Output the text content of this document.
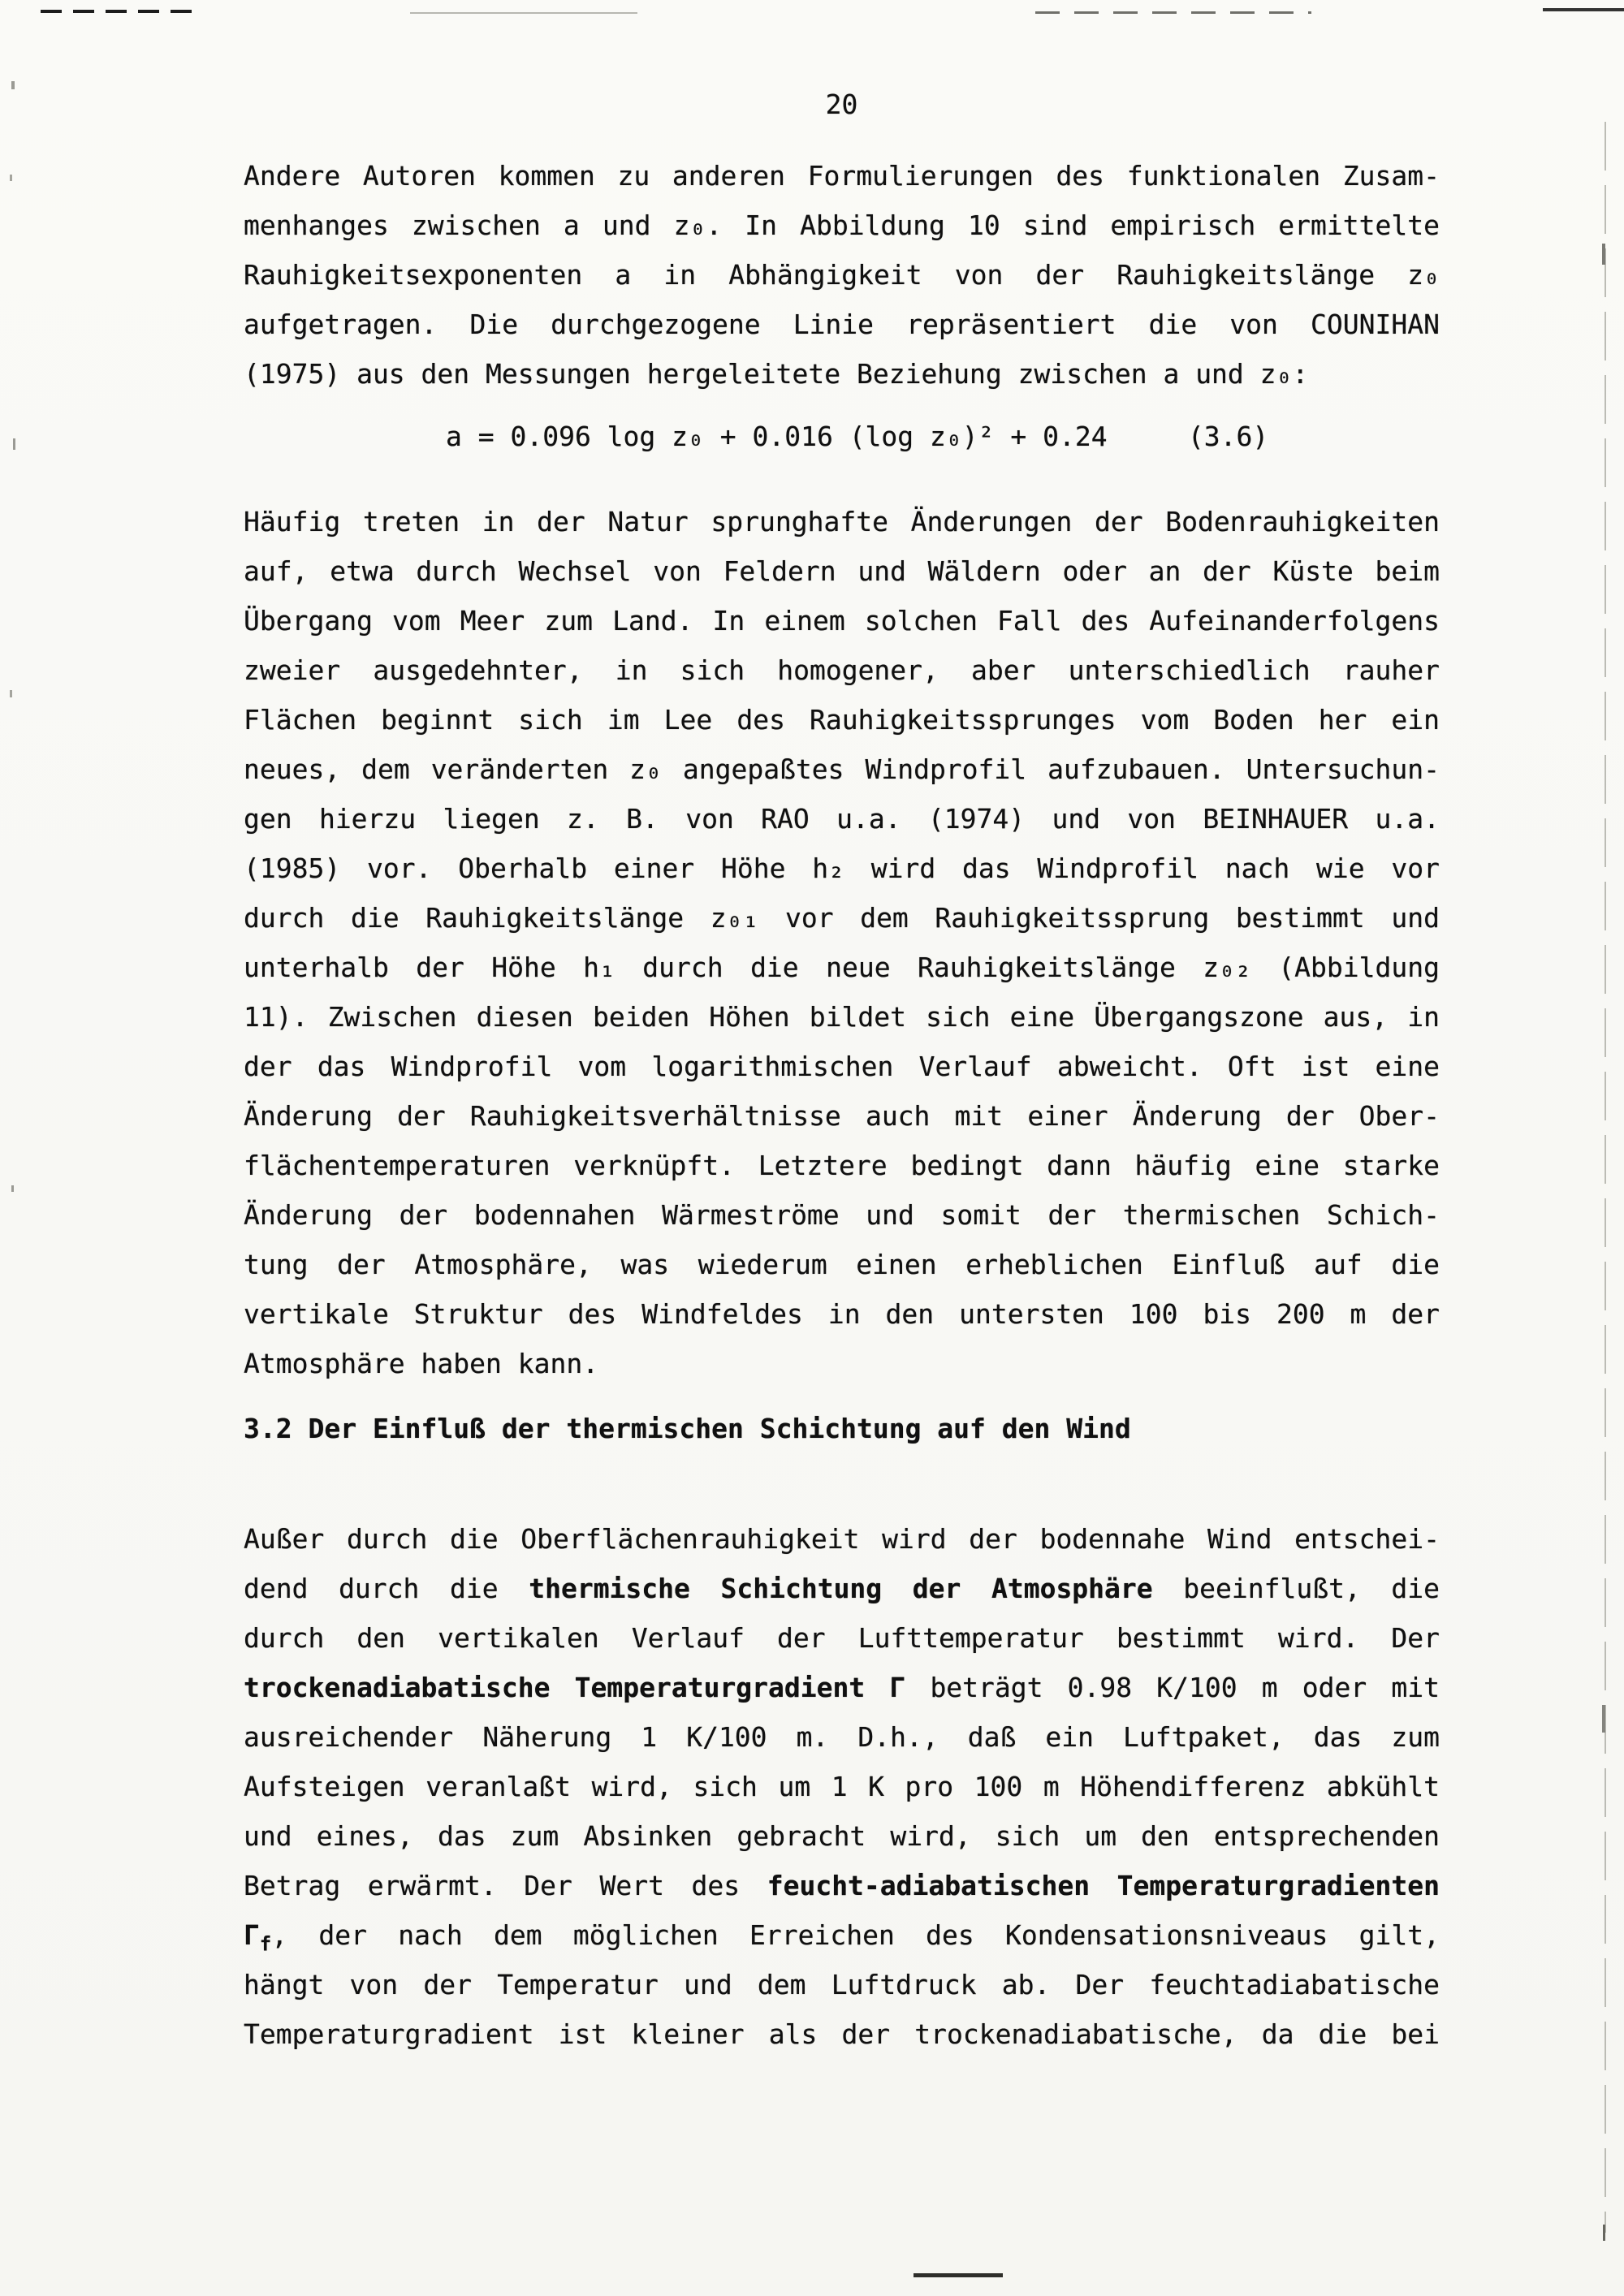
20
Andere Autoren kommen zu anderen Formulierungen des funktionalen Zusam-
menhanges zwischen a und z₀. In Abbildung 10 sind empirisch ermittelte
Rauhigkeitsexponenten a in Abhängigkeit von der Rauhigkeitslänge z₀
aufgetragen. Die durchgezogene Linie repräsentiert die von COUNIHAN
(1975) aus den Messungen hergeleitete Beziehung zwischen a und z₀:
a = 0.096 log z₀ + 0.016 (log z₀)² + 0.24     (3.6)
Häufig treten in der Natur sprunghafte Änderungen der Bodenrauhigkeiten
auf, etwa durch Wechsel von Feldern und Wäldern oder an der Küste beim
Übergang vom Meer zum Land. In einem solchen Fall des Aufeinanderfolgens
zweier ausgedehnter, in sich homogener, aber unterschiedlich rauher
Flächen beginnt sich im Lee des Rauhigkeitssprunges vom Boden her ein
neues, dem veränderten z₀ angepaßtes Windprofil aufzubauen. Untersuchun-
gen hierzu liegen z. B. von RAO u.a. (1974) und von BEINHAUER u.a.
(1985) vor. Oberhalb einer Höhe h₂ wird das Windprofil nach wie vor
durch die Rauhigkeitslänge z₀₁ vor dem Rauhigkeitssprung bestimmt und
unterhalb der Höhe h₁ durch die neue Rauhigkeitslänge z₀₂ (Abbildung
11). Zwischen diesen beiden Höhen bildet sich eine Übergangszone aus, in
der das Windprofil vom logarithmischen Verlauf abweicht. Oft ist eine
Änderung der Rauhigkeitsverhältnisse auch mit einer Änderung der Ober-
flächentemperaturen verknüpft. Letztere bedingt dann häufig eine starke
Änderung der bodennahen Wärmeströme und somit der thermischen Schich-
tung der Atmosphäre, was wiederum einen erheblichen Einfluß auf die
vertikale Struktur des Windfeldes in den untersten 100 bis 200 m der
Atmosphäre haben kann.
3.2 Der Einfluß der thermischen Schichtung auf den Wind
Außer durch die Oberflächenrauhigkeit wird der bodennahe Wind entschei-
dend durch die thermische Schichtung der Atmosphäre beeinflußt, die
durch den vertikalen Verlauf der Lufttemperatur bestimmt wird. Der
trockenadiabatische Temperaturgradient Γ beträgt 0.98 K/100 m oder mit
ausreichender Näherung 1 K/100 m. D.h., daß ein Luftpaket, das zum
Aufsteigen veranlaßt wird, sich um 1 K pro 100 m Höhendifferenz abkühlt
und eines, das zum Absinken gebracht wird, sich um den entsprechenden
Betrag erwärmt. Der Wert des feucht-adiabatischen Temperaturgradienten
$\Gamma_f$, der nach dem möglichen Erreichen des Kondensationsniveaus gilt,
hängt von der Temperatur und dem Luftdruck ab. Der feuchtadiabatische
Temperaturgradient ist kleiner als der trockenadiabatische, da die bei
